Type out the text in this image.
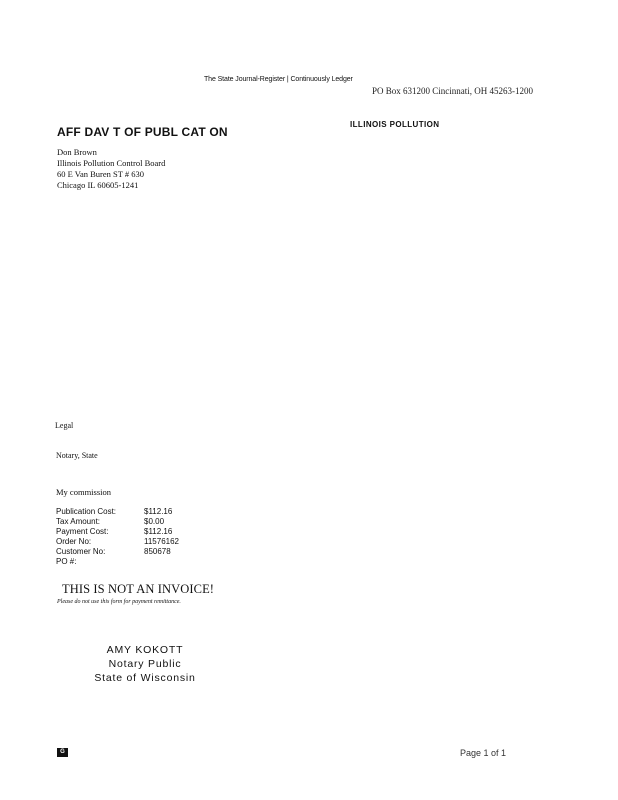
The State Journal-Register | Continuously Ledger
PO Box 631200 Cincinnati, OH 45263-1200
AFF DAV T OF PUBL CAT ON
ILLINOIS POLLUTION
Don Brown
Illinois Pollution Control Board
60 E Van Buren ST # 630
Chicago IL 60605-1241
Legal
Notary, State
My commission
Publication Cost:	$112.16
Tax Amount:	$0.00
Payment Cost:	$112.16
Order No:	11576162
Customer No:	850678
PO #:
THIS IS NOT AN INVOICE!
Please do not use this form for payment remittance.
AMY KOKOTT
Notary Public
State of Wisconsin
G	Page 1 of 1
